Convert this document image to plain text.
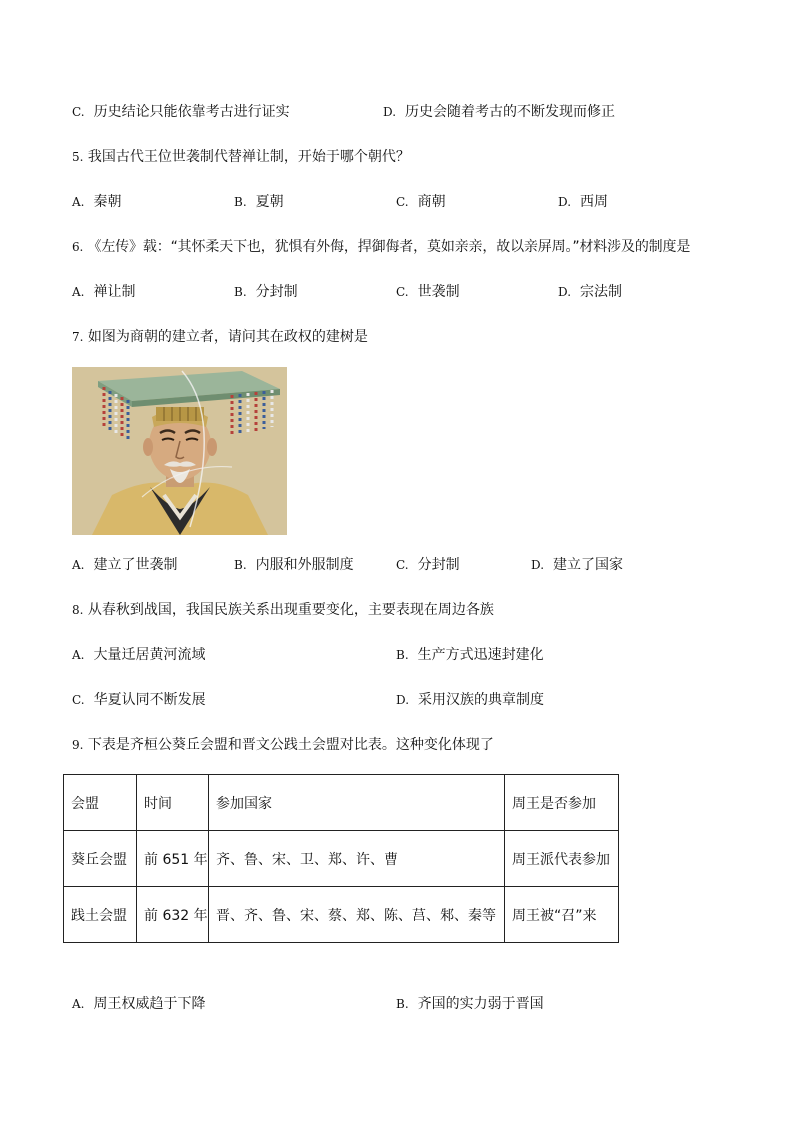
C. 历史结论只能依靠考古进行证实	D. 历史会随着考古的不断发现而修正
5. 我国古代王位世袭制代替禅让制，开始于哪个朝代？
A. 秦朝	B. 夏朝	C. 商朝	D. 西周
6. 《左传》载：“其怀柔天下也，犹惧有外侮，捍御侮者，莫如亲亲，故以亲屏周。”材料涉及的制度是
A. 禅让制	B. 分封制	C. 世袭制	D. 宗法制
7. 如图为商朝的建立者，请问其在政权的建树是
A. 建立了世袭制	B. 内服和外服制度	C. 分封制	D. 建立了国家
8. 从春秋到战国，我国民族关系出现重要变化，主要表现在周边各族
A. 大量迁居黄河流域	B. 生产方式迅速封建化
C. 华夏认同不断发展	D. 采用汉族的典章制度
9. 下表是齐桓公葵丘会盟和晋文公践土会盟对比表。这种变化体现了
会盟	时间	参加国家	周王是否参加
葵丘会盟	前 651 年	齐、鲁、宋、卫、郑、许、曹	周王派代表参加
践土会盟	前 632 年	晋、齐、鲁、宋、蔡、郑、陈、莒、邾、秦等	周王被“召”来
A. 周王权威趋于下降	B. 齐国的实力弱于晋国
